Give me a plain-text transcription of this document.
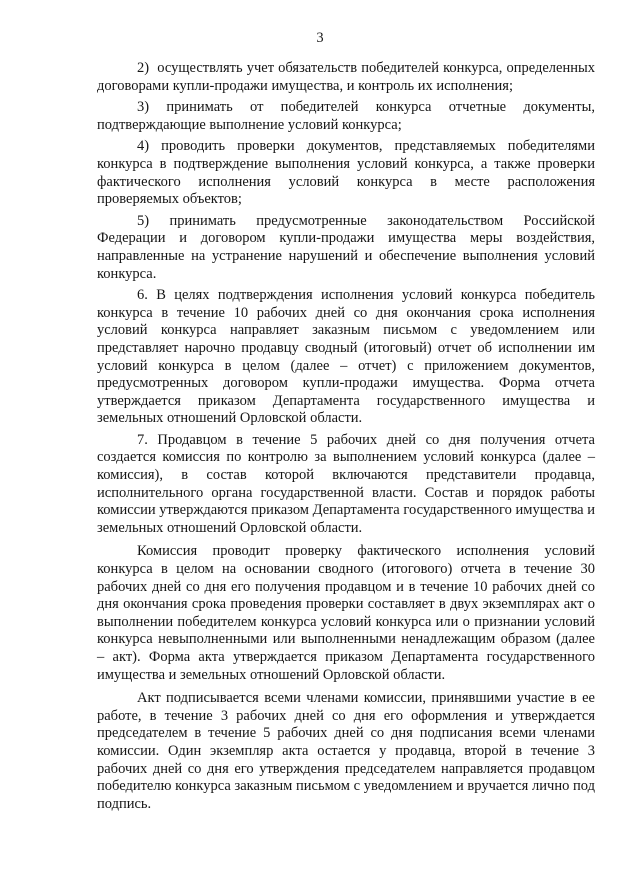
3

2)  осуществлять учет обязательств победителей конкурса, определенных договорами купли-продажи имущества, и контроль их исполнения;

3) принимать от победителей конкурса отчетные документы, подтверждающие выполнение условий конкурса;

4) проводить проверки документов, представляемых победителями конкурса в подтверждение выполнения условий конкурса, а также проверки фактического исполнения условий конкурса в месте расположения проверяемых объектов;

5) принимать предусмотренные законодательством Российской Федерации и договором купли-продажи имущества меры воздействия, направленные на устранение нарушений и обеспечение выполнения условий конкурса.

6. В целях подтверждения исполнения условий конкурса победитель конкурса в течение 10 рабочих дней со дня окончания срока исполнения условий конкурса направляет заказным письмом с уведомлением или представляет нарочно продавцу сводный (итоговый) отчет об исполнении им условий конкурса в целом (далее – отчет) с приложением документов, предусмотренных договором купли-продажи имущества. Форма отчета утверждается приказом Департамента государственного имущества и земельных отношений Орловской области.

7. Продавцом в течение 5 рабочих дней со дня получения отчета создается комиссия по контролю за выполнением условий конкурса (далее – комиссия), в состав которой включаются представители продавца, исполнительного органа государственной власти. Состав и порядок работы комиссии утверждаются приказом Департамента государственного имущества и земельных отношений Орловской области.

Комиссия проводит проверку фактического исполнения условий конкурса в целом на основании сводного (итогового) отчета в течение 30 рабочих дней со дня его получения продавцом и в течение 10 рабочих дней со дня окончания срока проведения проверки составляет в двух экземплярах акт о выполнении победителем конкурса условий конкурса или о признании условий конкурса невыполненными или выполненными ненадлежащим образом (далее – акт). Форма акта утверждается приказом Департамента государственного имущества и земельных отношений Орловской области.

Акт подписывается всеми членами комиссии, принявшими участие в ее работе, в течение 3 рабочих дней со дня его оформления и утверждается председателем в течение 5 рабочих дней со дня подписания всеми членами комиссии. Один экземпляр акта остается у продавца, второй в течение 3 рабочих дней со дня его утверждения председателем направляется продавцом победителю конкурса заказным письмом с уведомлением и вручается лично под подпись.
